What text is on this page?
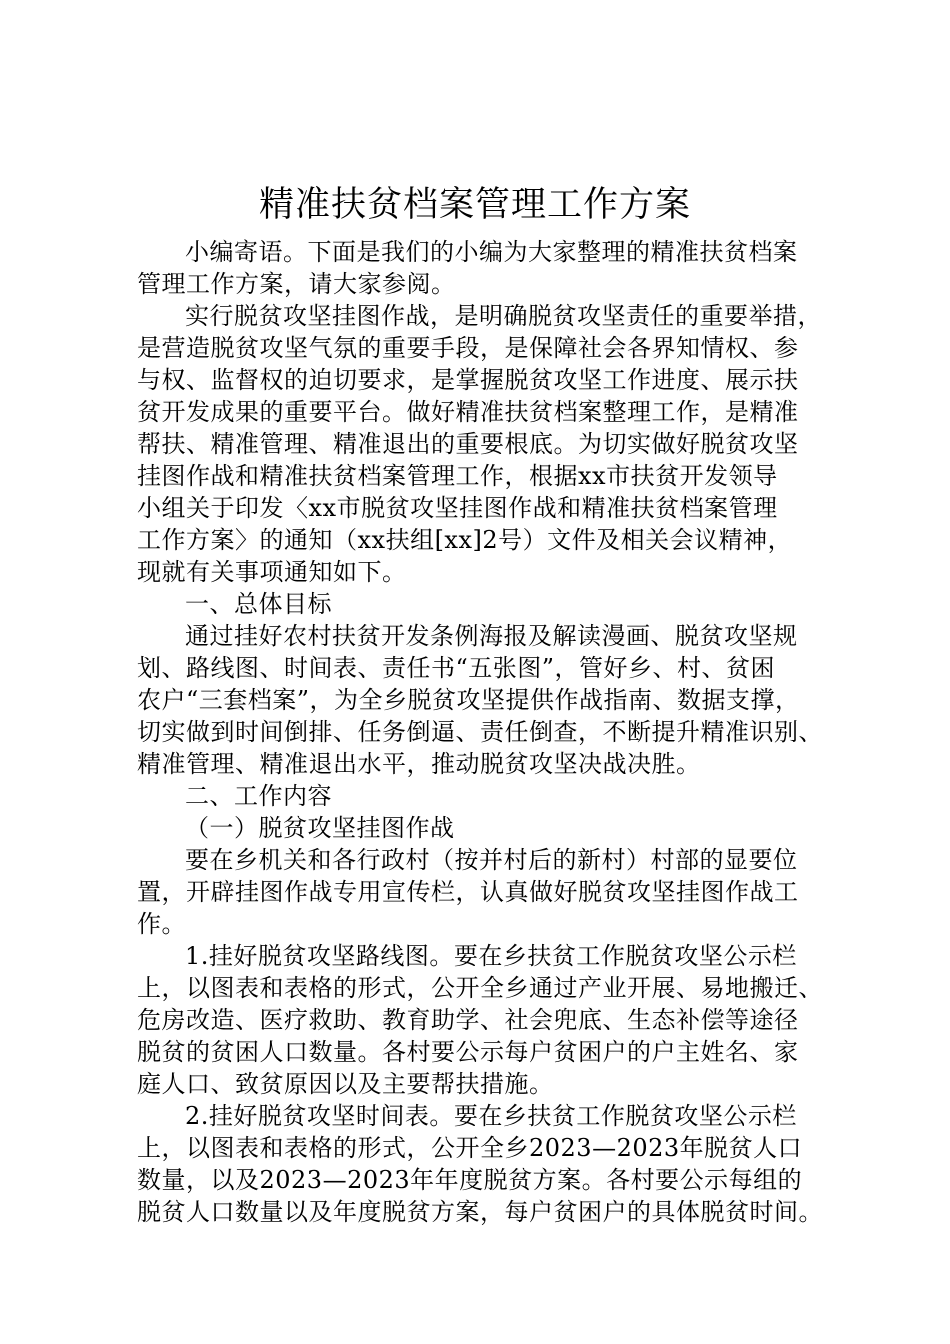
精准扶贫档案管理工作方案
小编寄语。下面是我们的小编为大家整理的精准扶贫档案
管理工作方案，请大家参阅。
实行脱贫攻坚挂图作战，是明确脱贫攻坚责任的重要举措，
是营造脱贫攻坚气氛的重要手段，是保障社会各界知情权、参
与权、监督权的迫切要求，是掌握脱贫攻坚工作进度、展示扶
贫开发成果的重要平台。做好精准扶贫档案整理工作，是精准
帮扶、精准管理、精准退出的重要根底。为切实做好脱贫攻坚
挂图作战和精准扶贫档案管理工作，根据xx市扶贫开发领导
小组关于印发〈xx市脱贫攻坚挂图作战和精准扶贫档案管理
工作方案〉的通知（xx扶组[xx]2号）文件及相关会议精神，
现就有关事项通知如下。
一、总体目标
通过挂好农村扶贫开发条例海报及解读漫画、脱贫攻坚规
划、路线图、时间表、责任书“五张图”，管好乡、村、贫困
农户“三套档案”，为全乡脱贫攻坚提供作战指南、数据支撑，
切实做到时间倒排、任务倒逼、责任倒查，不断提升精准识别、
精准管理、精准退出水平，推动脱贫攻坚决战决胜。
二、工作内容
（一）脱贫攻坚挂图作战
要在乡机关和各行政村（按并村后的新村）村部的显要位
置，开辟挂图作战专用宣传栏，认真做好脱贫攻坚挂图作战工
作。
1.挂好脱贫攻坚路线图。要在乡扶贫工作脱贫攻坚公示栏
上，以图表和表格的形式，公开全乡通过产业开展、易地搬迁、
危房改造、医疗救助、教育助学、社会兜底、生态补偿等途径
脱贫的贫困人口数量。各村要公示每户贫困户的户主姓名、家
庭人口、致贫原因以及主要帮扶措施。
2.挂好脱贫攻坚时间表。要在乡扶贫工作脱贫攻坚公示栏
上，以图表和表格的形式，公开全乡2023—2023年脱贫人口
数量，以及2023—2023年年度脱贫方案。各村要公示每组的
脱贫人口数量以及年度脱贫方案，每户贫困户的具体脱贫时间。
